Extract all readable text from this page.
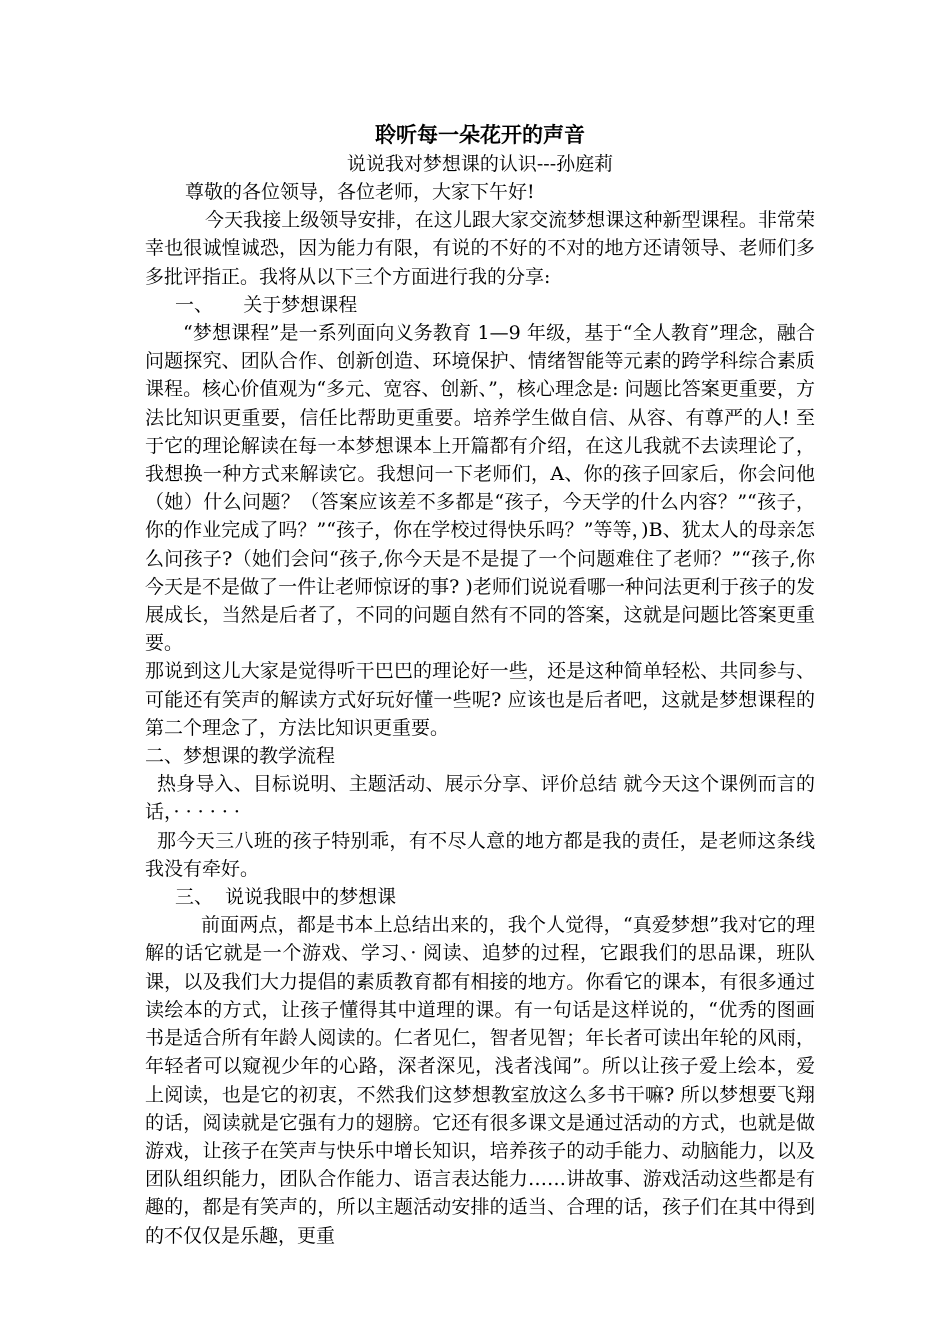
聆听每一朵花开的声音

说说我对梦想课的认识---孙庭莉

尊敬的各位领导，各位老师，大家下午好!

今天我接上级领导安排，在这儿跟大家交流梦想课这种新型课程。非常荣幸也很诚惶诚恐，因为能力有限，有说的不好的不对的地方还请领导、老师们多多批评指正。我将从以下三个方面进行我的分享:

一、     关于梦想课程

“梦想课程”是一系列面向义务教育 1—9 年级，基于“全人教育”理念，融合问题探究、团队合作、创新创造、环境保护、情绪智能等元素的跨学科综合素质课程。核心价值观为“多元、宽容、创新、”，核心理念是: 问题比答案更重要，方法比知识更重要，信任比帮助更重要。培养学生做自信、从容、有尊严的人! 至于它的理论解读在每一本梦想课本上开篇都有介绍，在这儿我就不去读理论了，我想换一种方式来解读它。我想问一下老师们，A、你的孩子回家后，你会问他（她）什么问题？（答案应该差不多都是“孩子，今天学的什么内容？”“孩子，你的作业完成了吗？”“孩子，你在学校过得快乐吗？”等等，)B、犹太人的母亲怎么问孩子?（她们会问“孩子,你今天是不是提了一个问题难住了老师？”“孩子,你今天是不是做了一件让老师惊讶的事? )老师们说说看哪一种问法更利于孩子的发展成长，当然是后者了，不同的问题自然有不同的答案，这就是问题比答案更重要。

那说到这儿大家是觉得听干巴巴的理论好一些，还是这种简单轻松、共同参与、可能还有笑声的解读方式好玩好懂一些呢? 应该也是后者吧，这就是梦想课程的第二个理念了，方法比知识更重要。

二、梦想课的教学流程

热身导入、目标说明、主题活动、展示分享、评价总结 就今天这个课例而言的话，· · · · · ·

那今天三八班的孩子特别乖，有不尽人意的地方都是我的责任，是老师这条线我没有牵好。

三、  说说我眼中的梦想课

前面两点，都是书本上总结出来的，我个人觉得，“真爱梦想”我对它的理解的话它就是一个游戏、学习、· 阅读、追梦的过程，它跟我们的思品课，班队课，以及我们大力提倡的素质教育都有相接的地方。你看它的课本，有很多通过读绘本的方式，让孩子懂得其中道理的课。有一句话是这样说的，“优秀的图画书是适合所有年龄人阅读的。仁者见仁，智者见智；年长者可读出年轮的风雨，年轻者可以窥视少年的心路，深者深见，浅者浅闻”。所以让孩子爱上绘本，爱上阅读，也是它的初衷，不然我们这梦想教室放这么多书干嘛? 所以梦想要飞翔的话，阅读就是它强有力的翅膀。它还有很多课文是通过活动的方式，也就是做游戏，让孩子在笑声与快乐中增长知识，培养孩子的动手能力、动脑能力，以及团队组织能力，团队合作能力、语言表达能力……讲故事、游戏活动这些都是有趣的，都是有笑声的，所以主题活动安排的适当、合理的话，孩子们在其中得到的不仅仅是乐趣，更重
